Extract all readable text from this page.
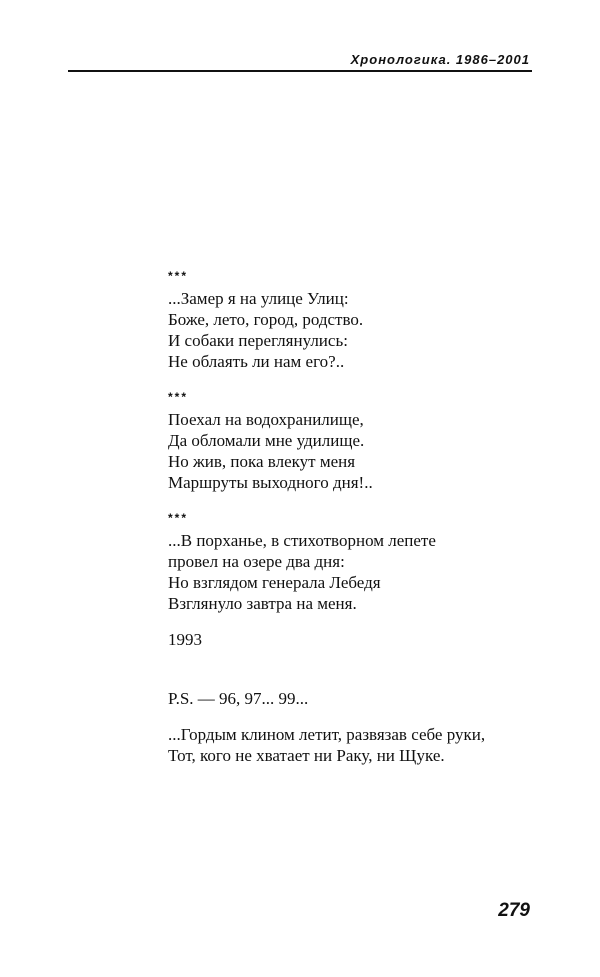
Хронологика. 1986–2001
***
...Замер я на улице Улиц:
Боже, лето, город, родство.
И собаки переглянулись:
Не облаять ли нам его?..
***
Поехал на водохранилище,
Да обломали мне удилище.
Но жив, пока влекут меня
Маршруты выходного дня!..
***
...В порханье, в стихотворном лепете
провел на озере два дня:
Но взглядом генерала Лебедя
Взглянуло завтра на меня.
1993
P.S. — 96, 97... 99...
...Гордым клином летит, развязав себе руки,
Тот, кого не хватает ни Раку, ни Щуке.
279
